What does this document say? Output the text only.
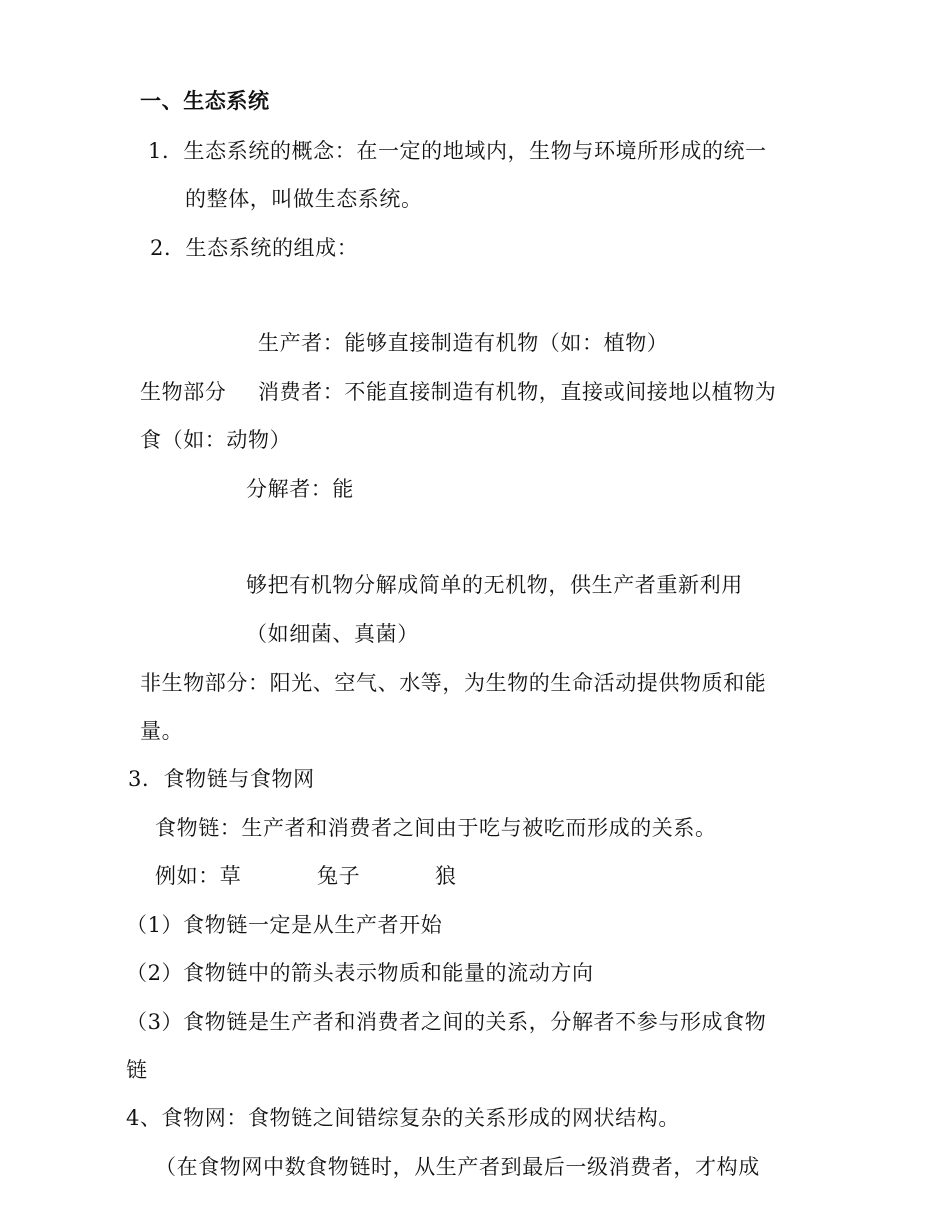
一、生态系统
1．生态系统的概念：在一定的地域内，生物与环境所形成的统一
的整体，叫做生态系统。
2．生态系统的组成：
生产者：能够直接制造有机物（如：植物）
生物部分 消费者：不能直接制造有机物，直接或间接地以植物为
食（如：动物）
分解者：能
够把有机物分解成简单的无机物，供生产者重新利用
（如细菌、真菌）
非生物部分：阳光、空气、水等，为生物的生命活动提供物质和能
量。
3．食物链与食物网
食物链：生产者和消费者之间由于吃与被吃而形成的关系。
例如：草	兔子	狼
（1）食物链一定是从生产者开始
（2）食物链中的箭头表示物质和能量的流动方向
（3）食物链是生产者和消费者之间的关系，分解者不参与形成食物
链
4、食物网：食物链之间错综复杂的关系形成的网状结构。
（在食物网中数食物链时，从生产者到最后一级消费者，才构成
